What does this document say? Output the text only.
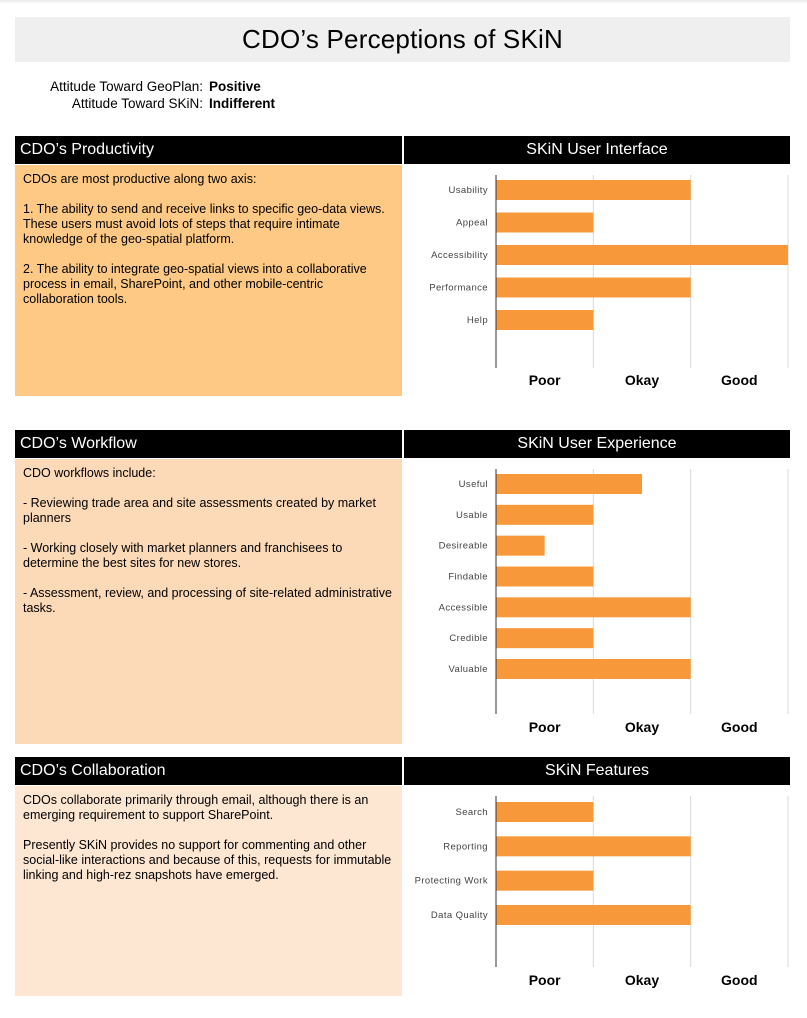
CDO’s Perceptions of SKiN
Attitude Toward GeoPlan: Positive
Attitude Toward SKiN: Indifferent
CDO’s Productivity	SKiN User Interface

CDOs are most productive along two axis:

1. The ability to send and receive links to specific geo-data views. These users must avoid lots of steps that require intimate knowledge of the geo-spatial platform.

2. The ability to integrate geo-spatial views into a collaborative process in email, SharePoint, and other mobile-centric collaboration tools.

Usability
Appeal
Accessibility
Performance
Help
Poor	Okay	Good
CDO’s Workflow	SKiN User Experience

CDO workflows include:

- Reviewing trade area and site assessments created by market planners

- Working closely with market planners and franchisees to determine the best sites for new stores.

- Assessment, review, and processing of site-related administrative tasks.

Useful
Usable
Desireable
Findable
Accessible
Credible
Valuable
Poor	Okay	Good
CDO’s Collaboration	SKiN Features

CDOs collaborate primarily through email, although there is an emerging requirement to support SharePoint.

Presently SKiN provides no support for commenting and other social-like interactions and because of this, requests for immutable linking and high-rez snapshots have emerged.

Search
Reporting
Protecting Work
Data Quality
Poor	Okay	Good
